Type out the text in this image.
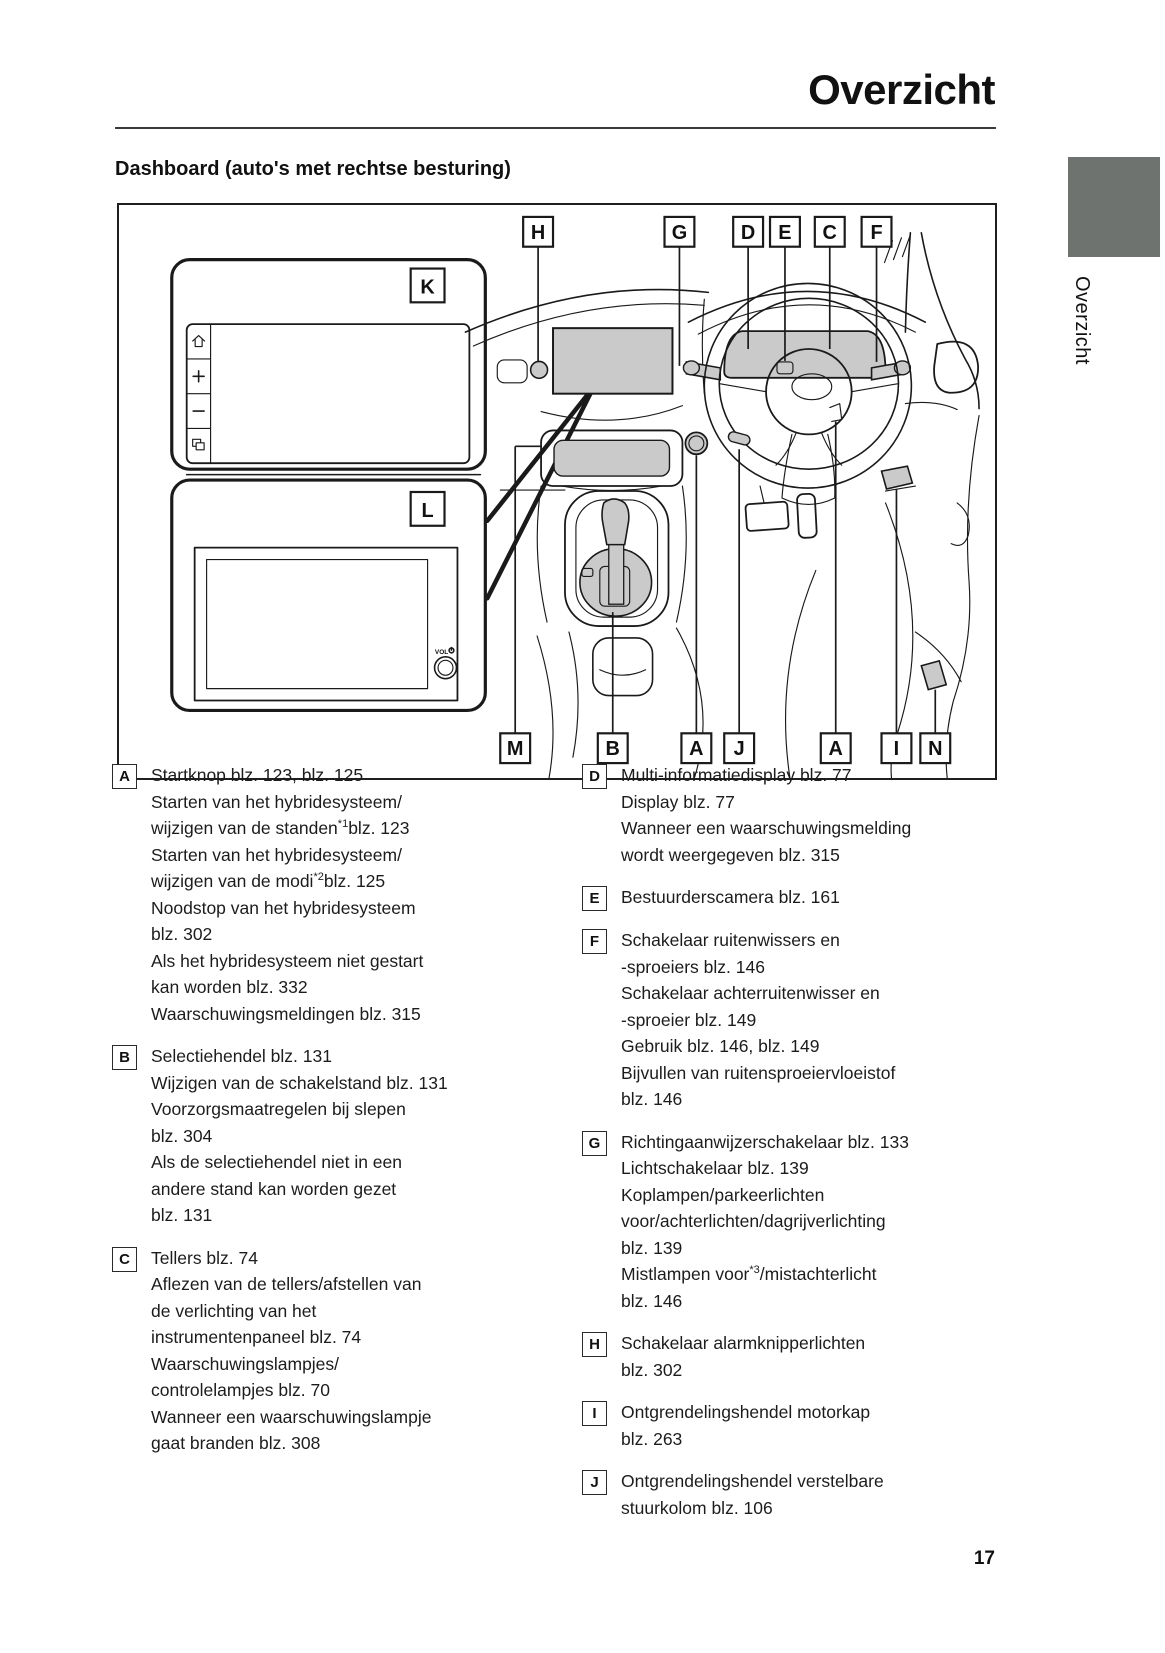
Overzicht
Dashboard (auto's met rechtse besturing)
Overzicht
K
VOL
L
H	G	D E C F
M	B	A J	A	I N
A	Startknop blz. 123, blz. 125
Starten van het hybridesysteem/
wijzigen van de standen$^{*1}$blz. 123
Starten van het hybridesysteem/
wijzigen van de modi$^{*2}$blz. 125
Noodstop van het hybridesysteem
blz. 302
Als het hybridesysteem niet gestart
kan worden blz. 332
Waarschuwingsmeldingen blz. 315
B	Selectiehendel blz. 131
Wijzigen van de schakelstand blz. 131
Voorzorgsmaatregelen bij slepen
blz. 304
Als de selectiehendel niet in een
andere stand kan worden gezet
blz. 131
C	Tellers blz. 74
Aflezen van de tellers/afstellen van
de verlichting van het
instrumentenpaneel blz. 74
Waarschuwingslampjes/
controlelampjes blz. 70
Wanneer een waarschuwingslampje
gaat branden blz. 308
D	Multi-informatiedisplay blz. 77
Display blz. 77
Wanneer een waarschuwingsmelding
wordt weergegeven blz. 315
E	Bestuurderscamera blz. 161
F	Schakelaar ruitenwissers en
-sproeiers blz. 146
Schakelaar achterruitenwisser en
-sproeier blz. 149
Gebruik blz. 146, blz. 149
Bijvullen van ruitensproeiervloeistof
blz. 146
G	Richtingaanwijzerschakelaar blz. 133
Lichtschakelaar blz. 139
Koplampen/parkeerlichten
voor/achterlichten/dagrijverlichting
blz. 139
Mistlampen voor$^{*3}$/mistachterlicht
blz. 146
H	Schakelaar alarmknipperlichten
blz. 302
I	Ontgrendelingshendel motorkap
blz. 263
J	Ontgrendelingshendel verstelbare
stuurkolom blz. 106
17
